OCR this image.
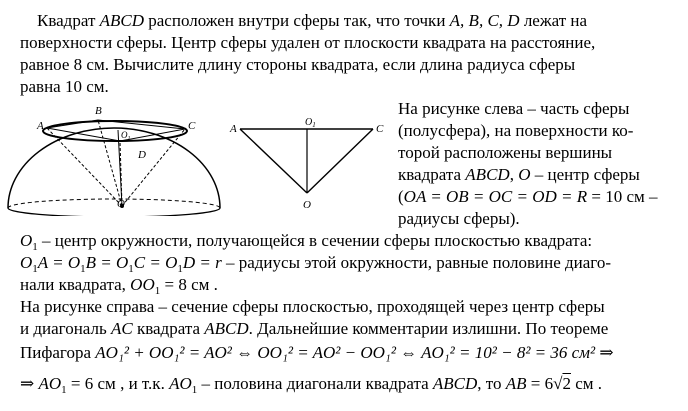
Квадрат ABCD расположен внутри сферы так, что точки A, B, C, D лежат на
поверхности сферы. Центр сферы удален от плоскости квадрата на расстояние,
равное 8 см. Вычислите длину стороны квадрата, если длина радиуса сферы
равна 10 см.
A
B
C
D
$O_1$
O
A	C
$O_1$
O
На рисунке слева – часть сферы
(полусфера), на поверхности ко-
торой расположены вершины
квадрата ABCD, O – центр сферы
(OA = OB = OC = OD = R = 10 см –
радиусы сферы).
$O_1$ – центр окружности, получающейся в сечении сферы плоскостью квадрата:
$O_1A = O_1B = O_1C = O_1D = r$ – радиусы этой окружности, равные половине диаго-
нали квадрата, $OO_1 = 8$ см .
На рисунке справа – сечение сферы плоскостью, проходящей через центр сферы
и диагональ AC квадрата ABCD. Дальнейшие комментарии излишни. По теореме
Пифагора AO₁² + OO₁² = AO² ⇔ OO₁² = AO² − OO₁² ⇔ AO₁² = 10² − 8² = 36 см² ⇒
⇒ $AO_1 = 6$ см , и т.к. $AO_1$ – половина диагонали квадрата ABCD, то AB = 6√2 см .
